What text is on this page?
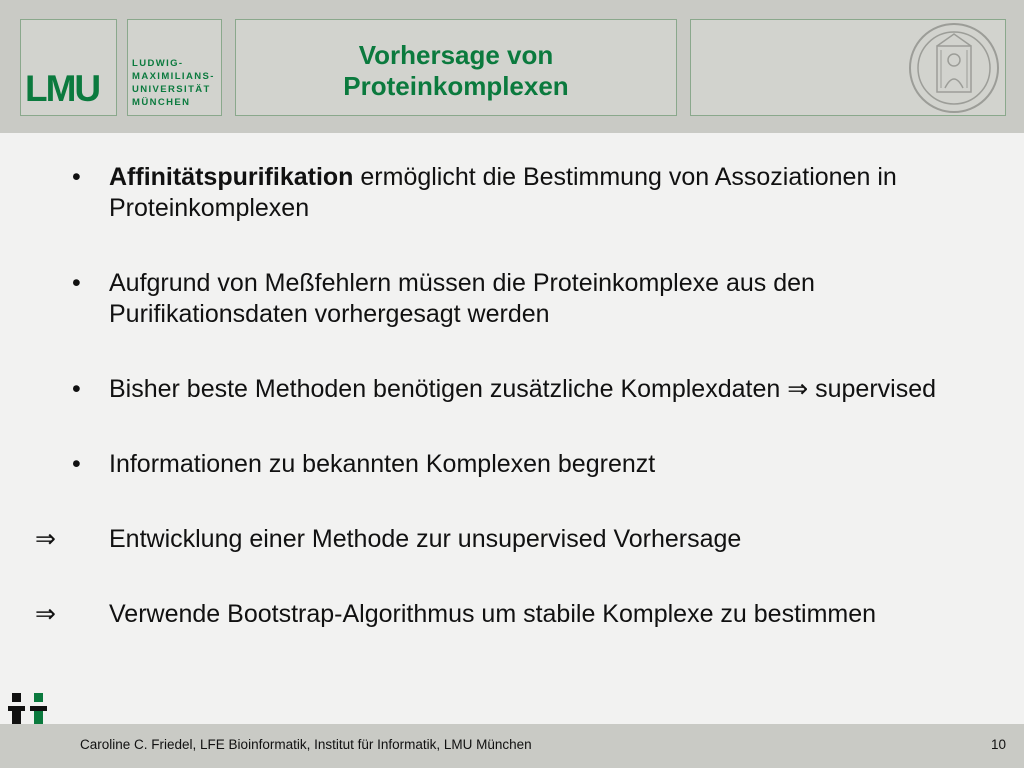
LMU
LUDWIG-
MAXIMILIANS-
UNIVERSITÄT
MÜNCHEN
Vorhersage von
Proteinkomplexen
• Affinitätspurifikation ermöglicht die Bestimmung von Assoziationen in Proteinkomplexen
• Aufgrund von Meßfehlern müssen die Proteinkomplexe aus den Purifikationsdaten vorhergesagt werden
• Bisher beste Methoden benötigen zusätzliche Komplexdaten ⇒ supervised
• Informationen zu bekannten Komplexen begrenzt
⇒ Entwicklung einer Methode zur unsupervised Vorhersage
⇒ Verwende Bootstrap-Algorithmus um stabile Komplexe zu bestimmen
Caroline C. Friedel, LFE Bioinformatik, Institut für Informatik, LMU München	10
